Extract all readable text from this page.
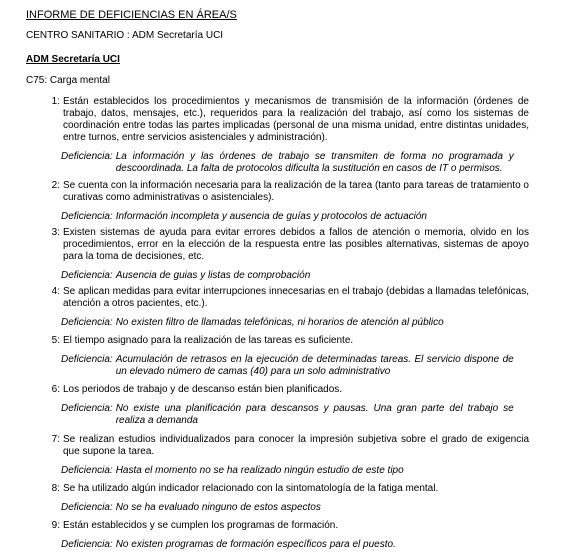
INFORME DE DEFICIENCIAS EN ÁREA/S
CENTRO SANITARIO : ADM Secretaría UCI
ADM Secretaría UCI
C75: Carga mental
1: Están establecidos los procedimientos y mecanismos de transmisión de la información (órdenes de trabajo, datos, mensajes, etc.), requeridos para la realización del trabajo, así como los sistemas de coordinación entre todas las partes implicadas (personal de una misma unidad, entre distintas unidades, entre turnos, entre servicios asistenciales y administración).
Deficiencia: La información y las órdenes de trabajo se transmiten de forma no programada y descoordinada. La falta de protocolos dificulta la sustitución en casos de IT o permisos.
2: Se cuenta con la información necesaria para la realización de la tarea (tanto para tareas de tratamiento o curativas como administrativas o asistenciales).
Deficiencia: Información incompleta y ausencia de guías y protocolos de actuación
3: Existen sistemas de ayuda para evitar errores debidos a fallos de atención o memoria, olvido en los procedimientos, error en la elección de la respuesta entre las posibles alternativas, sistemas de apoyo para la toma de decisiones, etc.
Deficiencia: Ausencia de guias y listas de comprobación
4: Se aplican medidas para evitar interrupciones innecesarias en el trabajo (debidas a llamadas telefónicas, atención a otros pacientes, etc.).
Deficiencia: No existen filtro de llamadas telefónicas, ni horarios de atención al público
5: El tiempo asignado para la realización de las tareas es suficiente.
Deficiencia: Acumulación de retrasos en la ejecución de determinadas tareas. El servicio dispone de un elevado número de camas (40) para un solo administrativo
6: Los periodos de trabajo y de descanso están bien planificados.
Deficiencia: No existe una planificación para descansos y pausas. Una gran parte del trabajo se realiza a demanda
7: Se realizan estudios individualizados para conocer la impresión subjetiva sobre el grado de exigencia que supone la tarea.
Deficiencia: Hasta el momento no se ha realizado ningún estudio de este tipo
8: Se ha utilizado algún indicador relacionado con la sintomatología de la fatiga mental.
Deficiencia: No se ha evaluado ninguno de estos aspectos
9: Están establecidos y se cumplen los programas de formación.
Deficiencia: No existen programas de formación específicos para el puesto.
